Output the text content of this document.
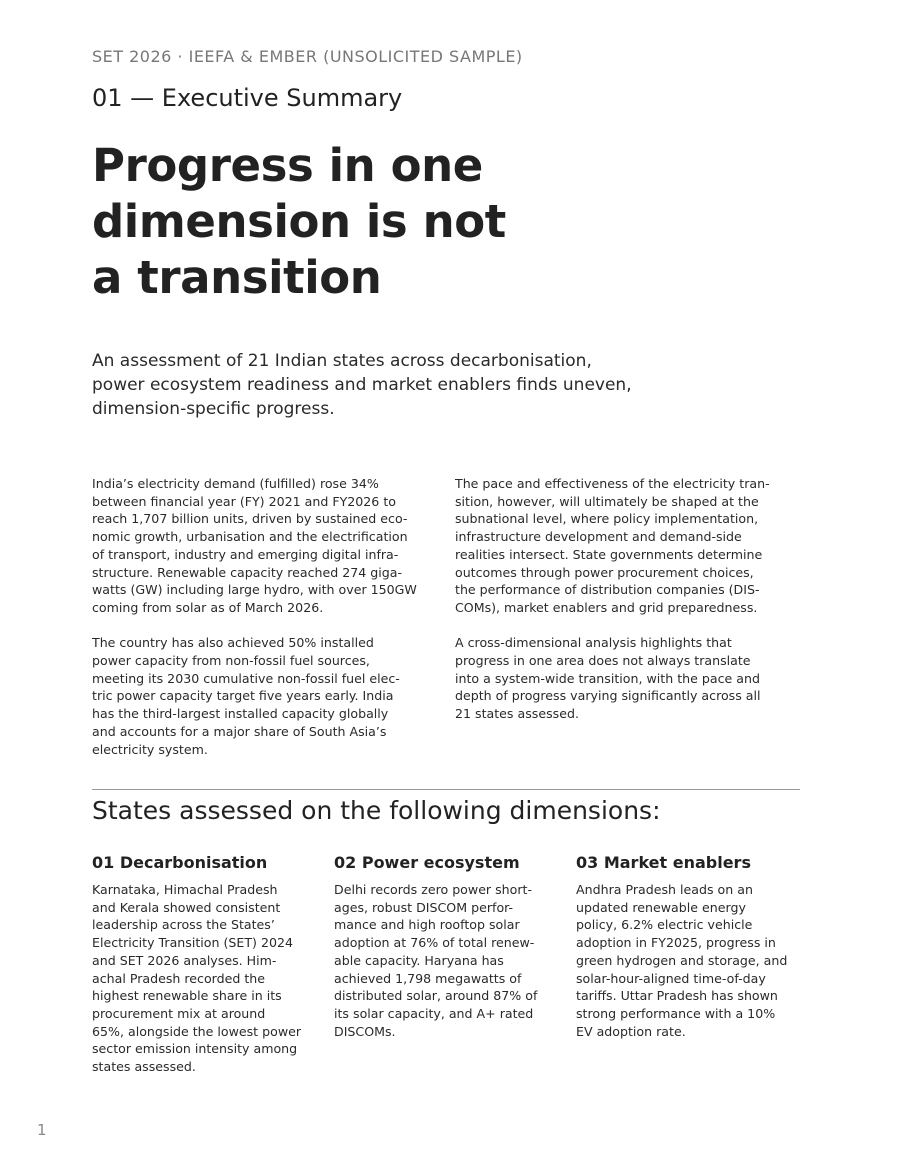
SET 2026 · IEEFA & EMBER (UNSOLICITED SAMPLE)
01 — Executive Summary
Progress in one
dimension is not
a transition
An assessment of 21 Indian states across decarbonisation,
power ecosystem readiness and market enablers finds uneven,
dimension-specific progress.

India’s electricity demand (fulfilled) rose 34%
between financial year (FY) 2021 and FY2026 to
reach 1,707 billion units, driven by sustained eco-
nomic growth, urbanisation and the electrification
of transport, industry and emerging digital infra-
structure. Renewable capacity reached 274 giga-
watts (GW) including large hydro, with over 150GW
coming from solar as of March 2026.

The country has also achieved 50% installed
power capacity from non-fossil fuel sources,
meeting its 2030 cumulative non-fossil fuel elec-
tric power capacity target five years early. India
has the third-largest installed capacity globally
and accounts for a major share of South Asia’s
electricity system.

The pace and effectiveness of the electricity tran-
sition, however, will ultimately be shaped at the
subnational level, where policy implementation,
infrastructure development and demand-side
realities intersect. State governments determine
outcomes through power procurement choices,
the performance of distribution companies (DIS-
COMs), market enablers and grid preparedness.

A cross-dimensional analysis highlights that
progress in one area does not always translate
into a system-wide transition, with the pace and
depth of progress varying significantly across all
21 states assessed.

States assessed on the following dimensions:
01 Decarbonisation
Karnataka, Himachal Pradesh
and Kerala showed consistent
leadership across the States’
Electricity Transition (SET) 2024
and SET 2026 analyses. Him-
achal Pradesh recorded the
highest renewable share in its
procurement mix at around
65%, alongside the lowest power
sector emission intensity among
states assessed.
02 Power ecosystem
Delhi records zero power short-
ages, robust DISCOM perfor-
mance and high rooftop solar
adoption at 76% of total renew-
able capacity. Haryana has
achieved 1,798 megawatts of
distributed solar, around 87% of
its solar capacity, and A+ rated
DISCOMs.
03 Market enablers
Andhra Pradesh leads on an
updated renewable energy
policy, 6.2% electric vehicle
adoption in FY2025, progress in
green hydrogen and storage, and
solar-hour-aligned time-of-day
tariffs. Uttar Pradesh has shown
strong performance with a 10%
EV adoption rate.
1
